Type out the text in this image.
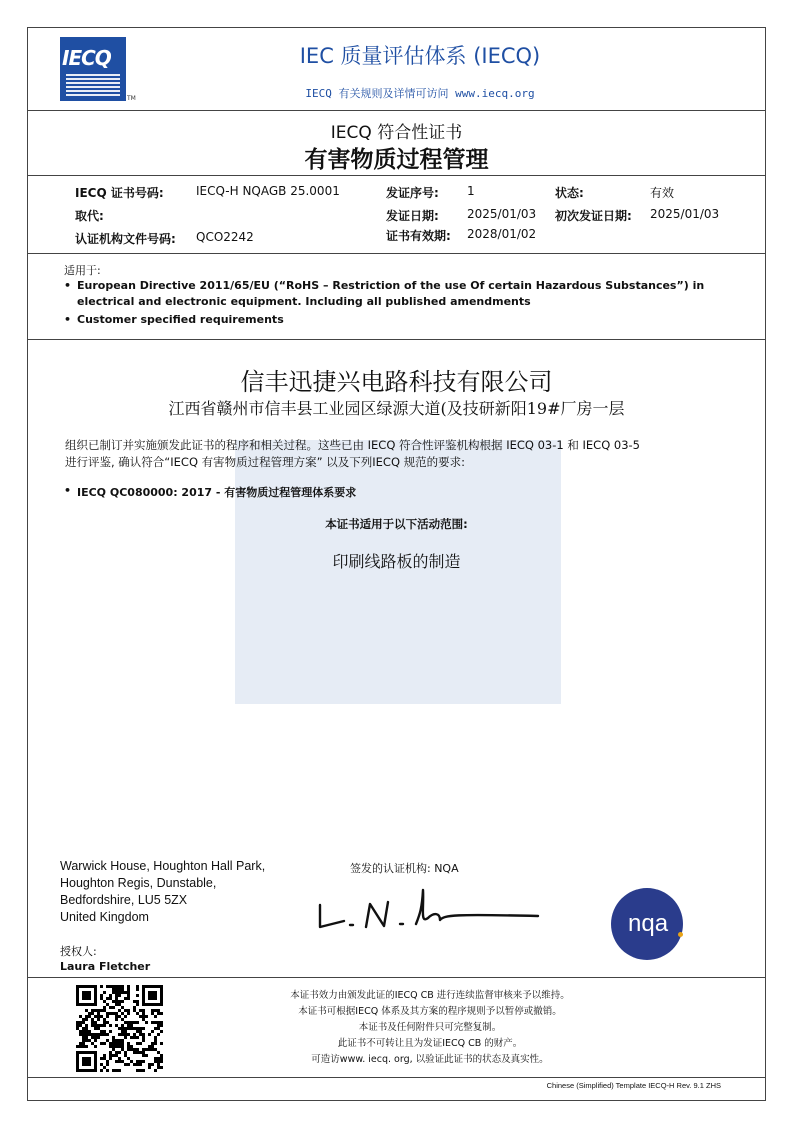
IECQ
TM
IEC 质量评估体系 (IECQ)
IECQ 有关规则及详情可访问 www.iecq.org
IECQ 符合性证书
有害物质过程管理
IECQ 证书号码:	IECQ-H NQAGB 25.0001
取代:
认证机构文件号码: QCO2242
发证序号: 1
发证日期: 2025/01/03
证书有效期: 2028/01/02
状态:	有效
初次发证日期: 2025/01/03
适用于:
• European Directive 2011/65/EU (“RoHS – Restriction of the use Of certain Hazardous Substances”) in
electrical and electronic equipment. Including all published amendments
• Customer specified requirements
信丰迅捷兴电路科技有限公司
江西省赣州市信丰县工业园区绿源大道(及技研新阳19#厂房一层
组织已制订并实施颁发此证书的程序和相关过程。这些已由 IECQ 符合性评鉴机构根据 IECQ 03-1 和 IECQ 03-5
进行评鉴, 确认符合“IECQ 有害物质过程管理方案” 以及下列IECQ 规范的要求:
• IECQ QC080000: 2017 - 有害物质过程管理体系要求
本证书适用于以下活动范围:
印刷线路板的制造
Warwick House, Houghton Hall Park,
Houghton Regis, Dunstable,
Bedfordshire, LU5 5ZX
United Kingdom
签发的认证机构: NQA
nqa
授权人:
Laura Fletcher
本证书效力由颁发此证的IECQ CB 进行连续监督审核来予以维持。
本证书可根据IECQ 体系及其方案的程序规则予以暂停或撤销。
本证书及任何附件只可完整复制。
此证书不可转让且为发证IECQ CB 的财产。
可造访www. iecq. org, 以验证此证书的状态及真实性。
Chinese (Simplified) Template IECQ-H Rev. 9.1 ZHS
